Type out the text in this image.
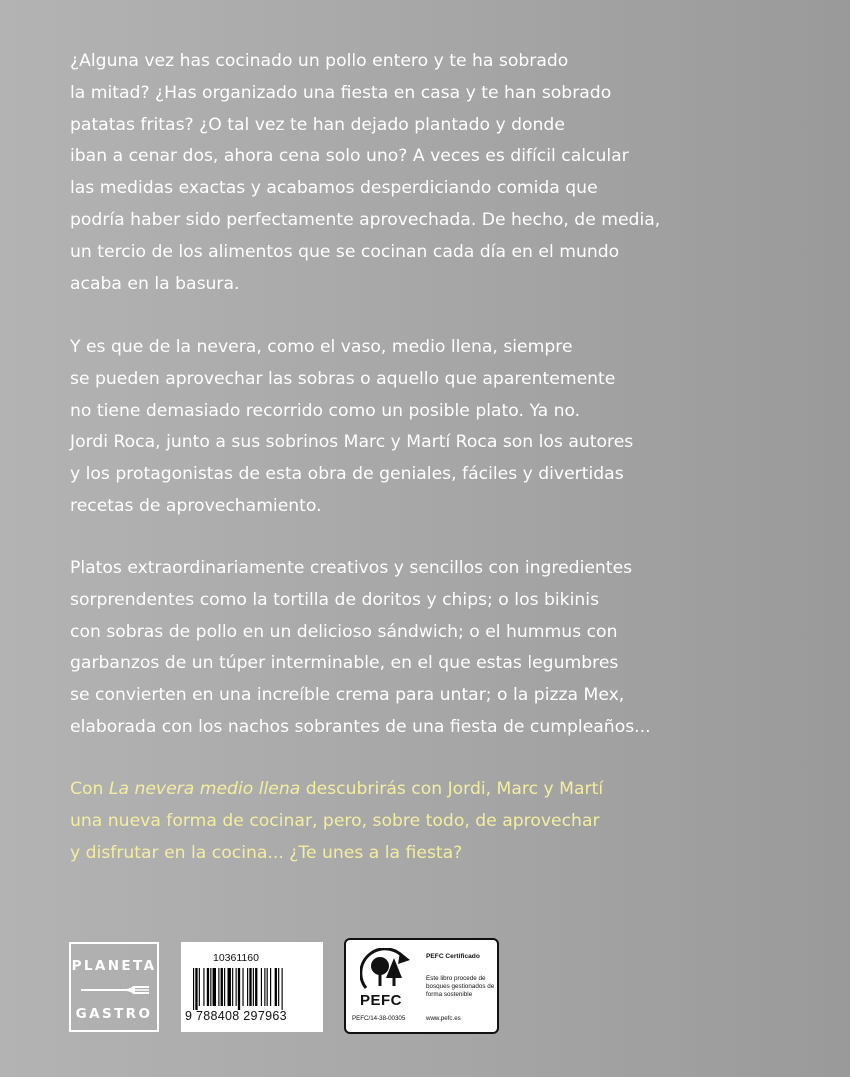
¿Alguna vez has cocinado un pollo entero y te ha sobrado
la mitad? ¿Has organizado una fiesta en casa y te han sobrado
patatas fritas? ¿O tal vez te han dejado plantado y donde
iban a cenar dos, ahora cena solo uno? A veces es difícil calcular
las medidas exactas y acabamos desperdiciando comida que
podría haber sido perfectamente aprovechada. De hecho, de media,
un tercio de los alimentos que se cocinan cada día en el mundo
acaba en la basura.
Y es que de la nevera, como el vaso, medio llena, siempre
se pueden aprovechar las sobras o aquello que aparentemente
no tiene demasiado recorrido como un posible plato. Ya no.
Jordi Roca, junto a sus sobrinos Marc y Martí Roca son los autores
y los protagonistas de esta obra de geniales, fáciles y divertidas
recetas de aprovechamiento.
Platos extraordinariamente creativos y sencillos con ingredientes
sorprendentes como la tortilla de doritos y chips; o los bikinis
con sobras de pollo en un delicioso sándwich; o el hummus con
garbanzos de un túper interminable, en el que estas legumbres
se convierten en una increíble crema para untar; o la pizza Mex,
elaborada con los nachos sobrantes de una fiesta de cumpleaños...
Con La nevera medio llena descubrirás con Jordi, Marc y Martí
una nueva forma de cocinar, pero, sobre todo, de aprovechar
y disfrutar en la cocina... ¿Te unes a la fiesta?
PLANETA
GASTRO
10361160
9 788408 297963
PEFC
PEFC Certificado
Este libro procede de bosques gestionados de forma sostenible
PEFC/14-38-00305	www.pefc.es
